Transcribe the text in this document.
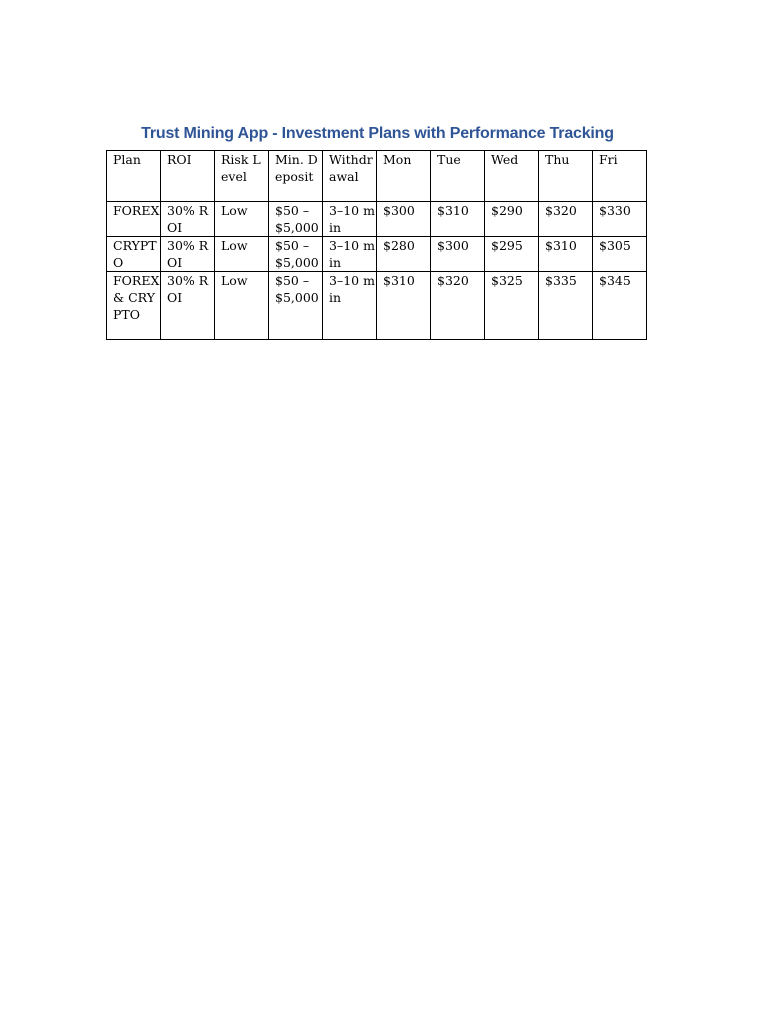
Trust Mining App - Investment Plans with Performance Tracking
Plan	ROI	Risk Level	Min. Deposit	Withdrawal	Mon	Tue	Wed	Thu	Fri
FOREX	30% ROI	Low	$50 – $5,000	3–10 min	$300	$310	$290	$320	$330
CRYPTO	30% ROI	Low	$50 – $5,000	3–10 min	$280	$300	$295	$310	$305
FOREX & CRYPTO	30% ROI	Low	$50 – $5,000	3–10 min	$310	$320	$325	$335	$345
